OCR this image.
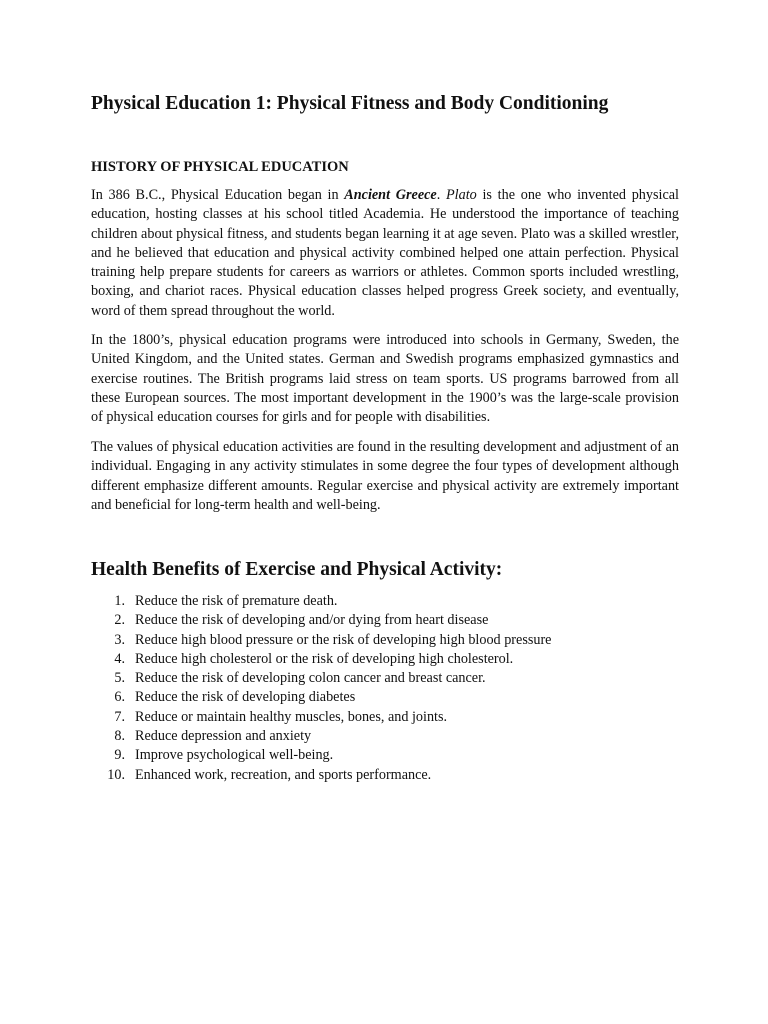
Physical Education 1: Physical Fitness and Body Conditioning
HISTORY OF PHYSICAL EDUCATION

In 386 B.C., Physical Education began in Ancient Greece. Plato is the one who invented physical education, hosting classes at his school titled Academia. He understood the importance of teaching children about physical fitness, and students began learning it at age seven. Plato was a skilled wrestler, and he believed that education and physical activity combined helped one attain perfection. Physical training help prepare students for careers as warriors or athletes. Common sports included wrestling, boxing, and chariot races. Physical education classes helped progress Greek society, and eventually, word of them spread throughout the world.

In the 1800’s, physical education programs were introduced into schools in Germany, Sweden, the United Kingdom, and the United states. German and Swedish programs emphasized gymnastics and exercise routines. The British programs laid stress on team sports. US programs barrowed from all these European sources. The most important development in the 1900’s was the large-scale provision of physical education courses for girls and for people with disabilities.

The values of physical education activities are found in the resulting development and adjustment of an individual. Engaging in any activity stimulates in some degree the four types of development although different emphasize different amounts. Regular exercise and physical activity are extremely important and beneficial for long-term health and well-being.

Health Benefits of Exercise and Physical Activity:
1. Reduce the risk of premature death.
2. Reduce the risk of developing and/or dying from heart disease
3. Reduce high blood pressure or the risk of developing high blood pressure
4. Reduce high cholesterol or the risk of developing high cholesterol.
5. Reduce the risk of developing colon cancer and breast cancer.
6. Reduce the risk of developing diabetes
7. Reduce or maintain healthy muscles, bones, and joints.
8. Reduce depression and anxiety
9. Improve psychological well-being.
10. Enhanced work, recreation, and sports performance.
